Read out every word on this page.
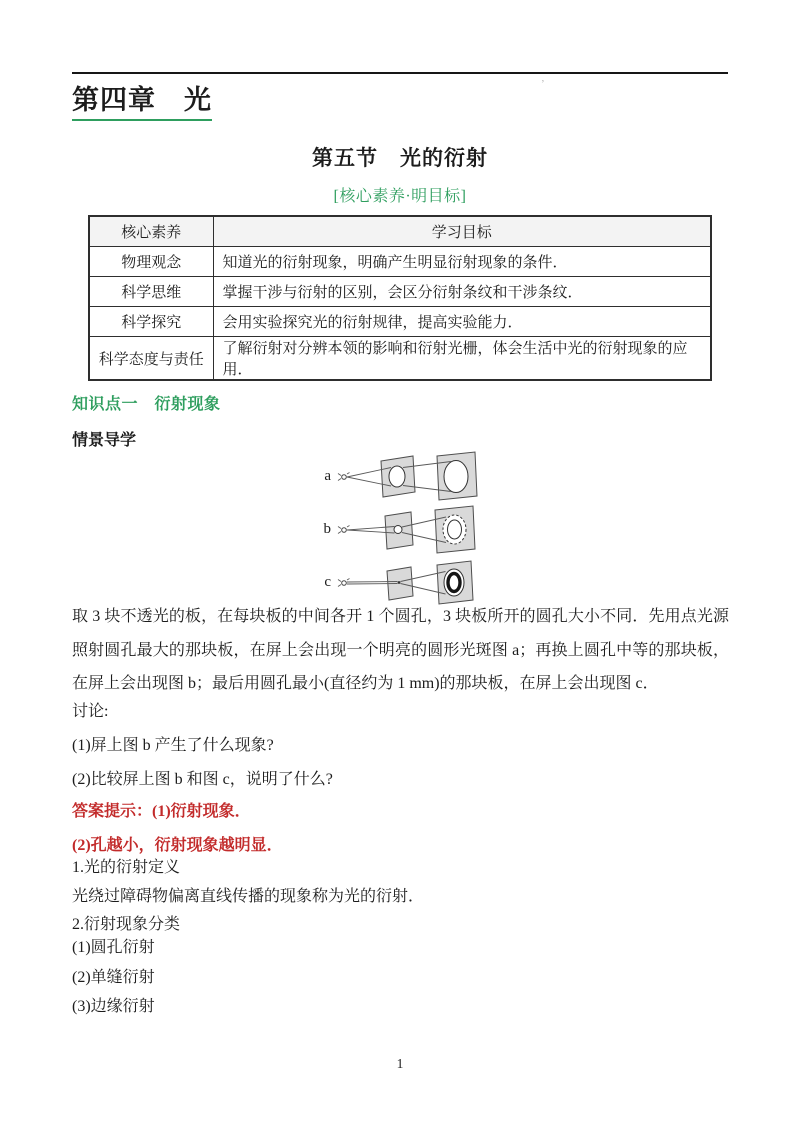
’
第四章　光
第五节　光的衍射
[核心素养·明目标]
核心素养	学习目标
物理观念	知道光的衍射现象，明确产生明显衍射现象的条件．
科学思维	掌握干涉与衍射的区别，会区分衍射条纹和干涉条纹．
科学探究	会用实验探究光的衍射规律，提高实验能力．
科学态度与责任	了解衍射对分辨本领的影响和衍射光栅，体会生活中光的衍射现象的应用．
知识点一　衍射现象
情景导学
a
b
c
取 3 块不透光的板，在每块板的中间各开 1 个圆孔，3 块板所开的圆孔大小不同．先用点光源照射圆孔最大的那块板，在屏上会出现一个明亮的圆形光斑图 a；再换上圆孔中等的那块板，在屏上会出现图 b；最后用圆孔最小(直径约为 1 mm)的那块板，在屏上会出现图 c．
讨论:
(1)屏上图 b 产生了什么现象?
(2)比较屏上图 b 和图 c，说明了什么?
答案提示：(1)衍射现象．
(2)孔越小，衍射现象越明显．
1.光的衍射定义
光绕过障碍物偏离直线传播的现象称为光的衍射．
2.衍射现象分类
(1)圆孔衍射
(2)单缝衍射
(3)边缘衍射
1
